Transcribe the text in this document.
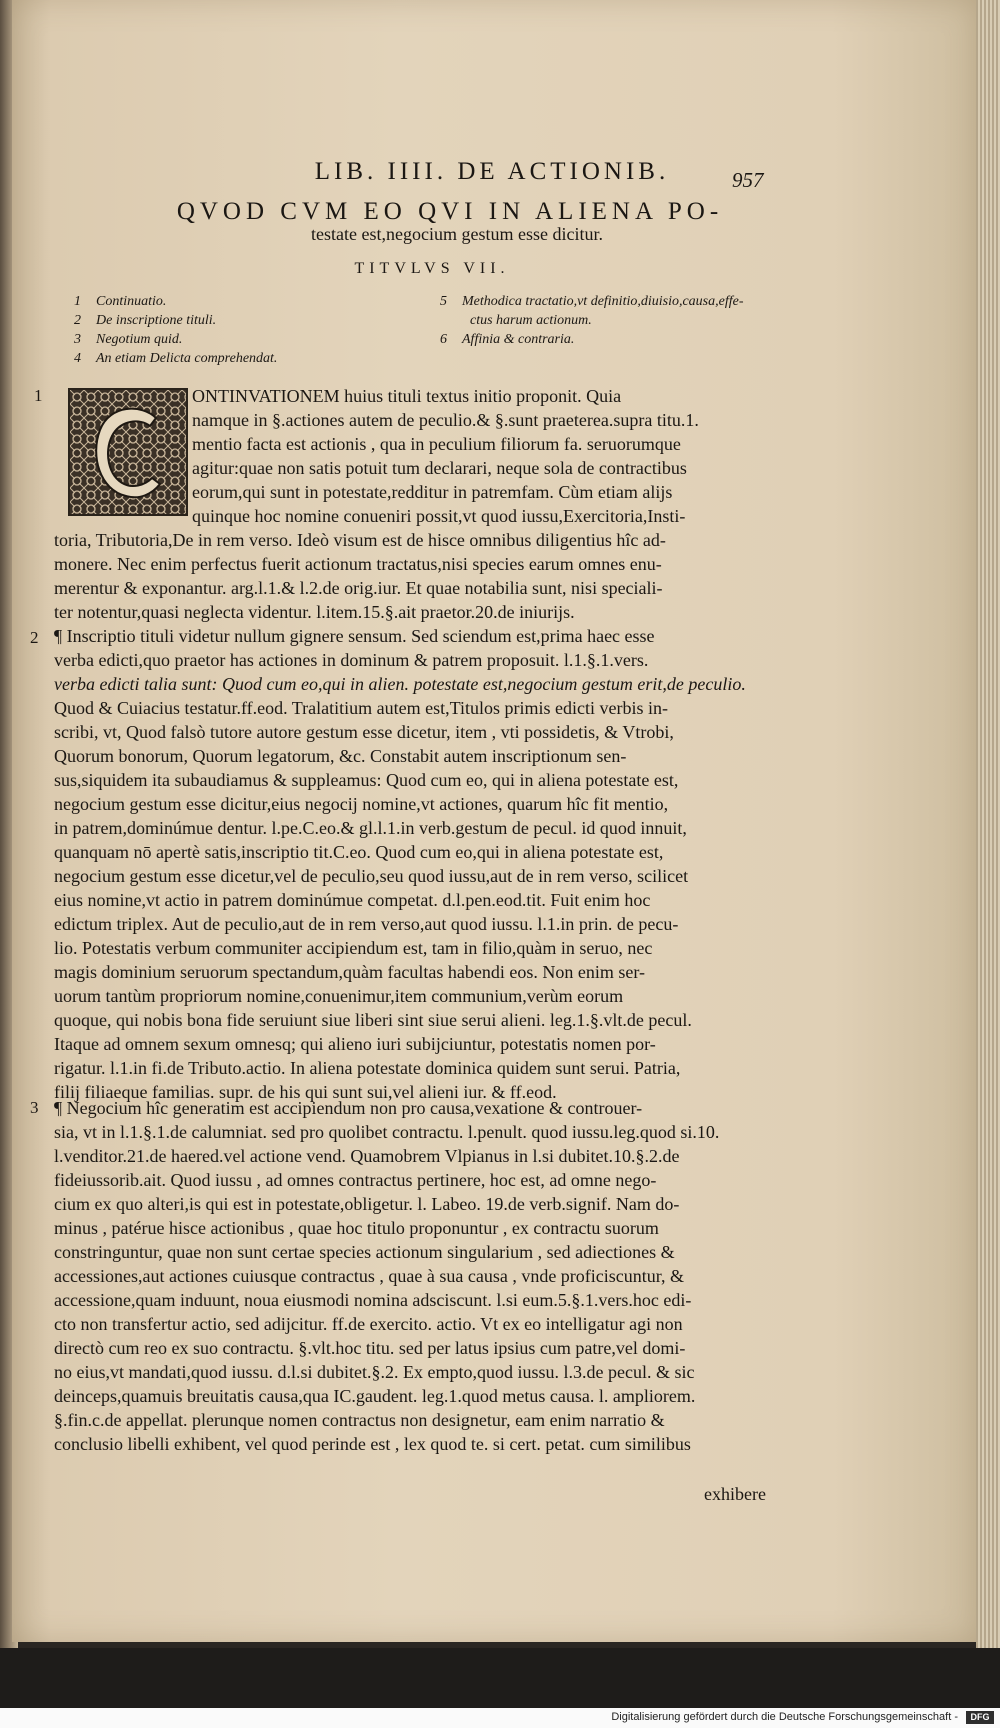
LIB. IIII. DE ACTIONIB.	957
QVOD CVM EO QVI IN ALIENA PO-
testate est,negocium gestum esse dicitur.
TITVLVS VII.
1 Continuatio.
2 De inscriptione tituli.
3 Negotium quid.
4 An etiam Delicta comprehendat.
5 Methodica tractatio,vt definitio,diuisio,causa,effe-
ctus harum actionum.
6 Affinia & contraria.
1
2
3
ONTINVATIONEM huius tituli textus initio proponit. Quia
namque in §.actiones autem de peculio.& §.sunt praeterea.supra titu.1.
mentio facta est actionis , qua in peculium filiorum fa. seruorumque
agitur:quae non satis potuit tum declarari, neque sola de contractibus
eorum,qui sunt in potestate,redditur in patremfam. Cùm etiam alijs
quinque hoc nomine conueniri possit,vt quod iussu,Exercitoria,Insti-
toria, Tributoria,De in rem verso. Ideò visum est de hisce omnibus diligentius hîc ad-
monere. Nec enim perfectus fuerit actionum tractatus,nisi species earum omnes enu-
merentur & exponantur. arg.l.1.& l.2.de orig.iur. Et quae notabilia sunt, nisi speciali-
ter notentur,quasi neglecta videntur. l.item.15.§.ait praetor.20.de iniurijs.
¶ Inscriptio tituli videtur nullum gignere sensum. Sed sciendum est,prima haec esse
verba edicti,quo praetor has actiones in dominum & patrem proposuit. l.1.§.1.vers.
verba edicti talia sunt: Quod cum eo,qui in alien. potestate est,negocium gestum erit,de peculio.
Quod & Cuiacius testatur.ff.eod. Tralatitium autem est,Titulos primis edicti verbis in-
scribi, vt, Quod falsò tutore autore gestum esse dicetur, item , vti possidetis, & Vtrobi,
Quorum bonorum, Quorum legatorum, &c. Constabit autem inscriptionum sen-
sus,siquidem ita subaudiamus & suppleamus: Quod cum eo, qui in aliena potestate est,
negocium gestum esse dicitur,eius negocij nomine,vt actiones, quarum hîc fit mentio,
in patrem,dominúmue dentur. l.pe.C.eo.& gl.l.1.in verb.gestum de pecul. id quod innuit,
quanquam nō apertè satis,inscriptio tit.C.eo. Quod cum eo,qui in aliena potestate est,
negocium gestum esse dicetur,vel de peculio,seu quod iussu,aut de in rem verso, scilicet
eius nomine,vt actio in patrem dominúmue competat. d.l.pen.eod.tit. Fuit enim hoc
edictum triplex. Aut de peculio,aut de in rem verso,aut quod iussu. l.1.in prin. de pecu-
lio. Potestatis verbum communiter accipiendum est, tam in filio,quàm in seruo, nec
magis dominium seruorum spectandum,quàm facultas habendi eos. Non enim ser-
uorum tantùm propriorum nomine,conuenimur,item communium,verùm eorum
quoque, qui nobis bona fide seruiunt siue liberi sint siue serui alieni. leg.1.§.vlt.de pecul.
Itaque ad omnem sexum omnesq; qui alieno iuri subijciuntur, potestatis nomen por-
rigatur. l.1.in fi.de Tributo.actio. In aliena potestate dominica quidem sunt serui. Patria,
filij filiaeque familias. supr. de his qui sunt sui,vel alieni iur. & ff.eod.
¶ Negocium hîc generatim est accipiendum non pro causa,vexatione & controuer-
sia, vt in l.1.§.1.de calumniat. sed pro quolibet contractu. l.penult. quod iussu.leg.quod si.10.
l.venditor.21.de haered.vel actione vend. Quamobrem Vlpianus in l.si dubitet.10.§.2.de
fideiussorib.ait. Quod iussu , ad omnes contractus pertinere, hoc est, ad omne nego-
cium ex quo alteri,is qui est in potestate,obligetur. l. Labeo. 19.de verb.signif. Nam do-
minus , patérue hisce actionibus , quae hoc titulo proponuntur , ex contractu suorum
constringuntur, quae non sunt certae species actionum singularium , sed adiectiones &
accessiones,aut actiones cuiusque contractus , quae à sua causa , vnde proficiscuntur, &
accessione,quam induunt, noua eiusmodi nomina adsciscunt. l.si eum.5.§.1.vers.hoc edi-
cto non transfertur actio, sed adijcitur. ff.de exercito. actio. Vt ex eo intelligatur agi non
directò cum reo ex suo contractu. §.vlt.hoc titu. sed per latus ipsius cum patre,vel domi-
no eius,vt mandati,quod iussu. d.l.si dubitet.§.2. Ex empto,quod iussu. l.3.de pecul. & sic
deinceps,quamuis breuitatis causa,qua IC.gaudent. leg.1.quod metus causa. l. ampliorem.
§.fin.c.de appellat. plerunque nomen contractus non designetur, eam enim narratio &
conclusio libelli exhibent, vel quod perinde est , lex quod te. si cert. petat. cum similibus
exhibere
Digitalisierung gefördert durch die Deutsche Forschungsgemeinschaft -	DFG
